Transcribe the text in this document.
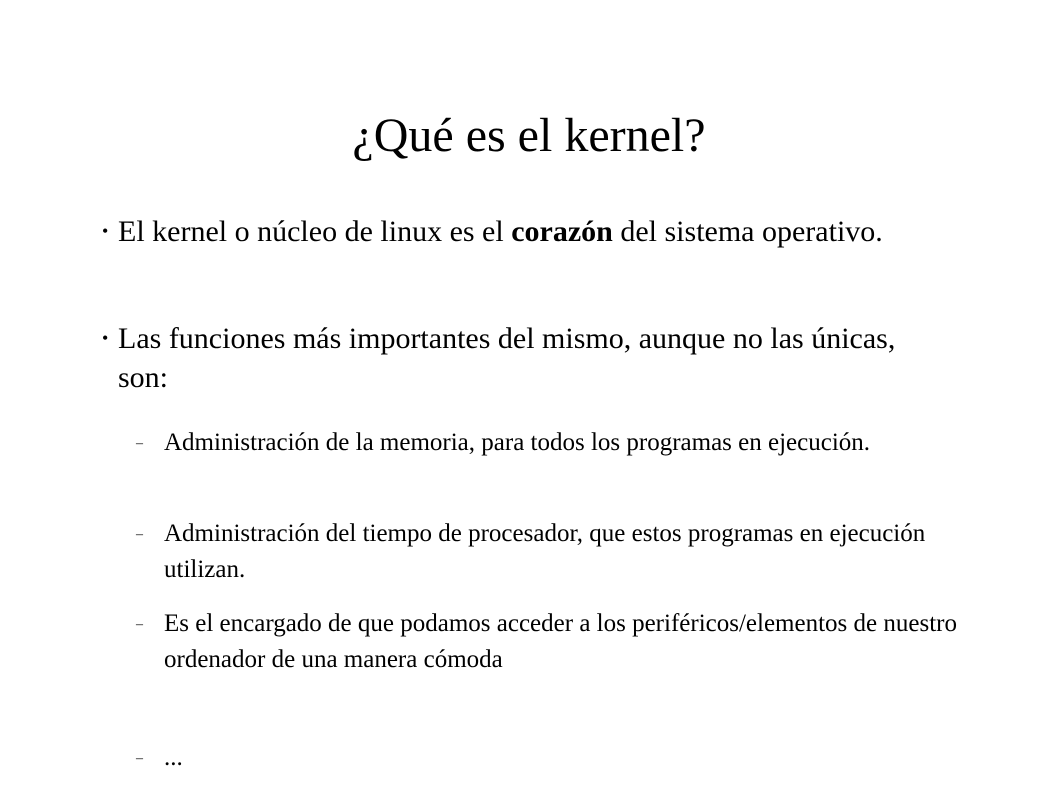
¿Qué es el kernel?
• El kernel o núcleo de linux es el corazón del sistema operativo.
• Las funciones más importantes del mismo, aunque no las únicas, son:
– Administración de la memoria, para todos los programas en ejecución.
– Administración del tiempo de procesador, que estos programas en ejecución utilizan.
– Es el encargado de que podamos acceder a los periféricos/elementos de nuestro ordenador de una manera cómoda
– ...
